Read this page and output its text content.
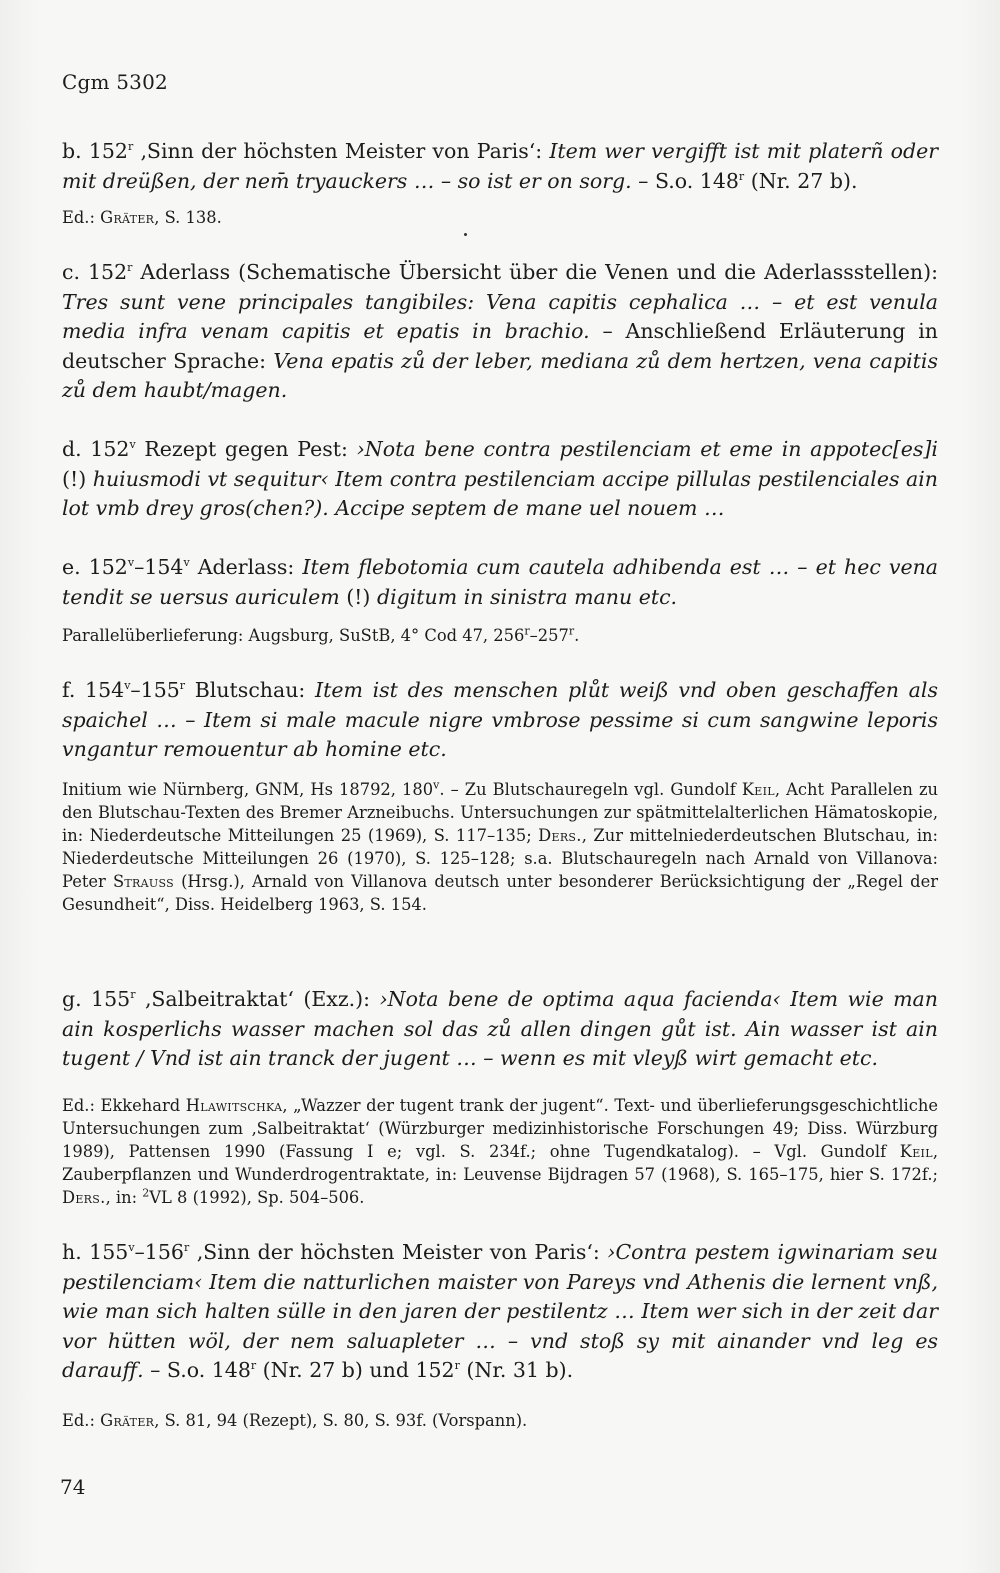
Cgm 5302
b. 152$^r$ ‚Sinn der höchsten Meister von Paris‘: Item wer vergifft ist mit platerñ oder mit dreüßen, der nem̄ tryauckers … – so ist er on sorg. – S.o. 148$^r$ (Nr. 27 b).
Ed.: Gräter, S. 138.
c. 152$^r$ Aderlass (Schematische Übersicht über die Venen und die Aderlassstellen): Tres sunt vene principales tangibiles: Vena capitis cephalica … – et est venula media infra venam capitis et epatis in brachio. – Anschließend Erläuterung in deutscher Sprache: Vena epatis zů der leber, mediana zů dem hertzen, vena capitis zů dem haubt/magen.
d. 152$^v$ Rezept gegen Pest: ›Nota bene contra pestilenciam et eme in appotec[es]i (!) huiusmodi vt sequitur‹ Item contra pestilenciam accipe pillulas pestilenciales ain lot vmb drey gros(chen?). Accipe septem de mane uel nouem …
e. 152$^v$–154$^v$ Aderlass: Item flebotomia cum cautela adhibenda est … – et hec vena tendit se uersus auriculem (!) digitum in sinistra manu etc.
Parallelüberlieferung: Augsburg, SuStB, 4° Cod 47, 256$^r$–257$^r$.
f. 154$^v$–155$^r$ Blutschau: Item ist des menschen plůt weiß vnd oben geschaffen als spaichel … – Item si male macule nigre vmbrose pessime si cum sangwine leporis vngantur remouentur ab homine etc.
Initium wie Nürnberg, GNM, Hs 18792, 180$^v$. – Zu Blutschauregeln vgl. Gundolf Keil, Acht Parallelen zu den Blutschau-Texten des Bremer Arzneibuchs. Untersuchungen zur spätmittelalterlichen Hämatoskopie, in: Niederdeutsche Mitteilungen 25 (1969), S. 117–135; Ders., Zur mittelniederdeutschen Blutschau, in: Niederdeutsche Mitteilungen 26 (1970), S. 125–128; s.a. Blutschauregeln nach Arnald von Villanova: Peter Strauss (Hrsg.), Arnald von Villanova deutsch unter besonderer Berücksichtigung der „Regel der Gesundheit“, Diss. Heidelberg 1963, S. 154.
g. 155$^r$ ‚Salbeitraktat‘ (Exz.): ›Nota bene de optima aqua facienda‹ Item wie man ain kosperlichs wasser machen sol das zů allen dingen gůt ist. Ain wasser ist ain tugent / Vnd ist ain tranck der jugent … – wenn es mit vleyß wirt gemacht etc.
Ed.: Ekkehard Hlawitschka, „Wazzer der tugent trank der jugent“. Text- und überlieferungsgeschichtliche Untersuchungen zum ‚Salbeitraktat‘ (Würzburger medizinhistorische Forschungen 49; Diss. Würzburg 1989), Pattensen 1990 (Fassung I e; vgl. S. 234f.; ohne Tugendkatalog). – Vgl. Gundolf Keil, Zauberpflanzen und Wunderdrogentraktate, in: Leuvense Bijdragen 57 (1968), S. 165–175, hier S. 172f.; Ders., in: $^2$VL 8 (1992), Sp. 504–506.
h. 155$^v$–156$^r$ ‚Sinn der höchsten Meister von Paris‘: ›Contra pestem igwinariam seu pestilenciam‹ Item die natturlichen maister von Pareys vnd Athenis die lernent vnß, wie man sich halten sülle in den jaren der pestilentz … Item wer sich in der zeit dar vor hütten wöl, der nem saluapleter … – vnd stoß sy mit ainander vnd leg es darauff. – S.o. 148$^r$ (Nr. 27 b) und 152$^r$ (Nr. 31 b).
Ed.: Gräter, S. 81, 94 (Rezept), S. 80, S. 93f. (Vorspann).
74
